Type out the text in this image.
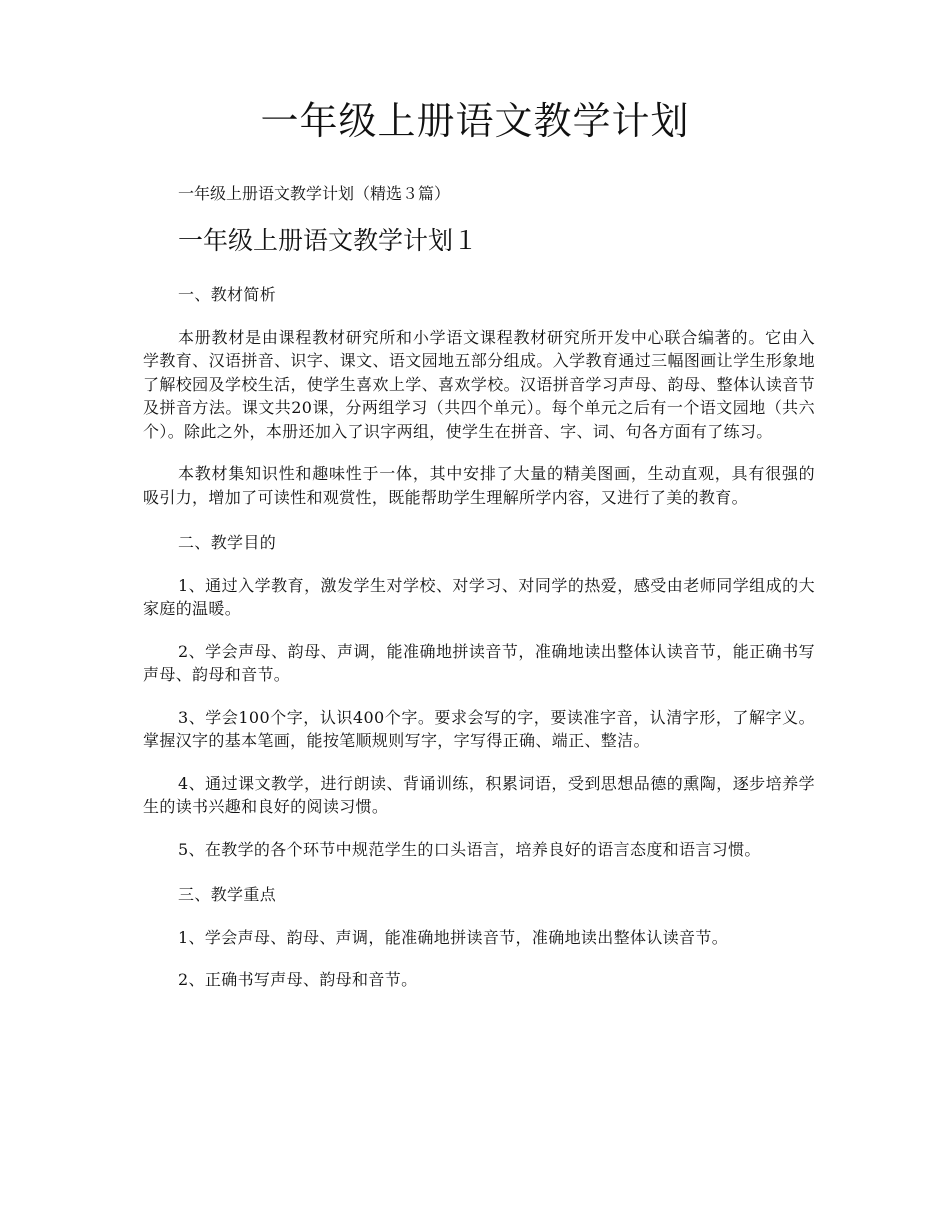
一年级上册语文教学计划

一年级上册语文教学计划（精选３篇）

一年级上册语文教学计划１

一、教材简析

本册教材是由课程教材研究所和小学语文课程教材研究所开发中心联合编著的。它由入学教育、汉语拼音、识字、课文、语文园地五部分组成。入学教育通过三幅图画让学生形象地了解校园及学校生活，使学生喜欢上学、喜欢学校。汉语拼音学习声母、韵母、整体认读音节及拼音方法。课文共20课，分两组学习（共四个单元）。每个单元之后有一个语文园地（共六个）。除此之外，本册还加入了识字两组，使学生在拼音、字、词、句各方面有了练习。

本教材集知识性和趣味性于一体，其中安排了大量的精美图画，生动直观，具有很强的吸引力，增加了可读性和观赏性，既能帮助学生理解所学内容，又进行了美的教育。

二、教学目的

1、通过入学教育，激发学生对学校、对学习、对同学的热爱，感受由老师同学组成的大家庭的温暖。

2、学会声母、韵母、声调，能准确地拼读音节，准确地读出整体认读音节，能正确书写声母、韵母和音节。

3、学会100个字，认识400个字。要求会写的字，要读准字音，认清字形，了解字义。掌握汉字的基本笔画，能按笔顺规则写字，字写得正确、端正、整洁。

4、通过课文教学，进行朗读、背诵训练，积累词语，受到思想品德的熏陶，逐步培养学生的读书兴趣和良好的阅读习惯。

5、在教学的各个环节中规范学生的口头语言，培养良好的语言态度和语言习惯。

三、教学重点

1、学会声母、韵母、声调，能准确地拼读音节，准确地读出整体认读音节。

2、正确书写声母、韵母和音节。
